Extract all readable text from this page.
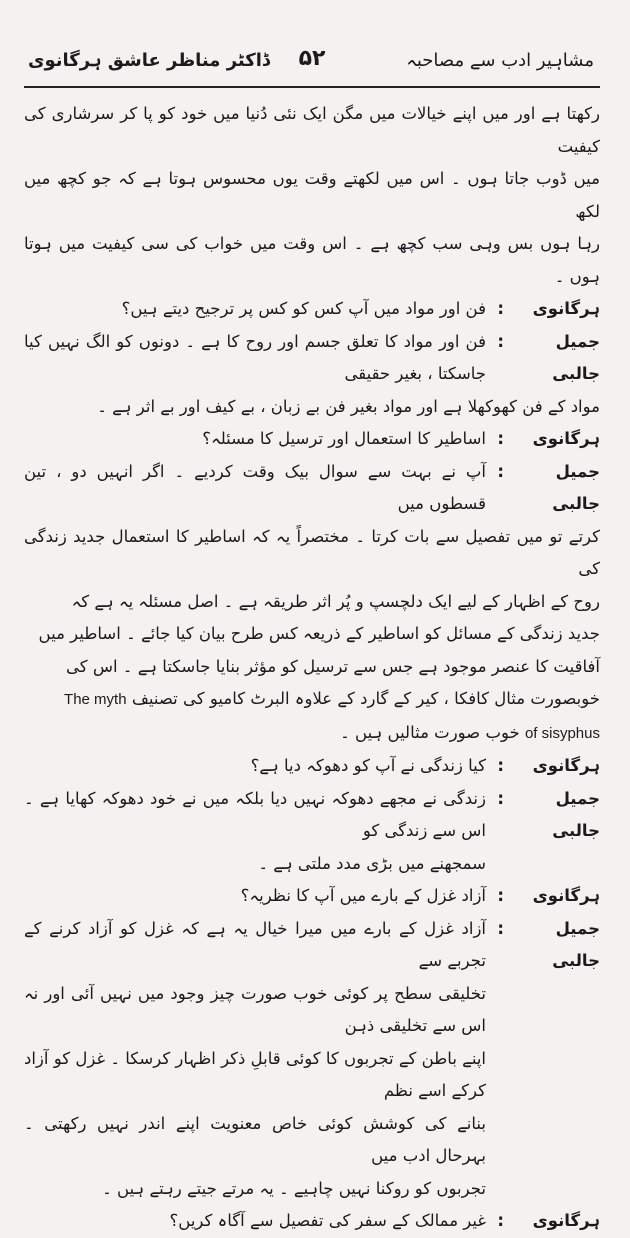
مشاہیر ادب سے مصاحبہ
۵۲
ڈاکٹر مناظر عاشق ہرگانوی

رکھتا ہے اور میں اپنے خیالات میں مگن ایک نئی دُنیا میں خود کو پا کر سرشاری کی کیفیت

میں ڈوب جاتا ہوں ۔ اس میں لکھتے وقت یوں محسوس ہوتا ہے کہ جو کچھ میں لکھ

رہا ہوں بس وہی سب کچھ ہے ۔ اس وقت میں خواب کی سی کیفیت میں ہوتا ہوں ۔

ہرگانوی
:
فن اور مواد میں آپ کس کو کس پر ترجیح دیتے ہیں؟
جمیل جالبی
:
فن اور مواد کا تعلق جسم اور روح کا ہے ۔ دونوں کو الگ نہیں کیا جاسکتا ، بغیر حقیقی

مواد کے فن کھوکھلا ہے اور مواد بغیر فن بے زبان ، بے کیف اور بے اثر ہے ۔

ہرگانوی
:
اساطیر کا استعمال اور ترسیل کا مسئلہ؟
جمیل جالبی
:
آپ نے بہت سے سوال بیک وقت کردیے ۔ اگر انہیں دو ، تین قسطوں میں

کرتے تو میں تفصیل سے بات کرتا ۔ مختصراً یہ کہ اساطیر کا استعمال جدید زندگی کی

روح کے اظہار کے لیے ایک دلچسپ و پُر اثر طریقہ ہے ۔ اصل مسئلہ یہ ہے کہ

جدید زندگی کے مسائل کو اساطیر کے ذریعہ کس طرح بیان کیا جائے ۔ اساطیر میں

آفاقیت کا عنصر موجود ہے جس سے ترسیل کو مؤثر بنایا جاسکتا ہے ۔ اس کی

خوبصورت مثال کافکا ، کیر کے گارد کے علاوہ البرٹ کامیو کی تصنیف The myth

of sisyphus خوب صورت مثالیں ہیں ۔

ہرگانوی
:
کیا زندگی نے آپ کو دھوکہ دیا ہے؟
جمیل جالبی
:
زندگی نے مجھے دھوکہ نہیں دیا بلکہ میں نے خود دھوکہ کھایا ہے ۔ اس سے زندگی کو
سمجھنے میں بڑی مدد ملتی ہے ۔
ہرگانوی
:
آزاد غزل کے بارے میں آپ کا نظریہ؟
جمیل جالبی
:
آزاد غزل کے بارے میں میرا خیال یہ ہے کہ غزل کو آزاد کرنے کے تجربے سے
تخلیقی سطح پر کوئی خوب صورت چیز وجود میں نہیں آئی اور نہ اس سے تخلیقی ذہن
اپنے باطن کے تجربوں کا کوئی قابلِ ذکر اظہار کرسکا ۔ غزل کو آزاد کرکے اسے نظم
بنانے کی کوشش کوئی خاص معنویت اپنے اندر نہیں رکھتی ۔ بہرحال ادب میں
تجربوں کو روکنا نہیں چاہیے ۔ یہ مرتے جیتے رہتے ہیں ۔
ہرگانوی
:
غیر ممالک کے سفر کی تفصیل سے آگاہ کریں؟
